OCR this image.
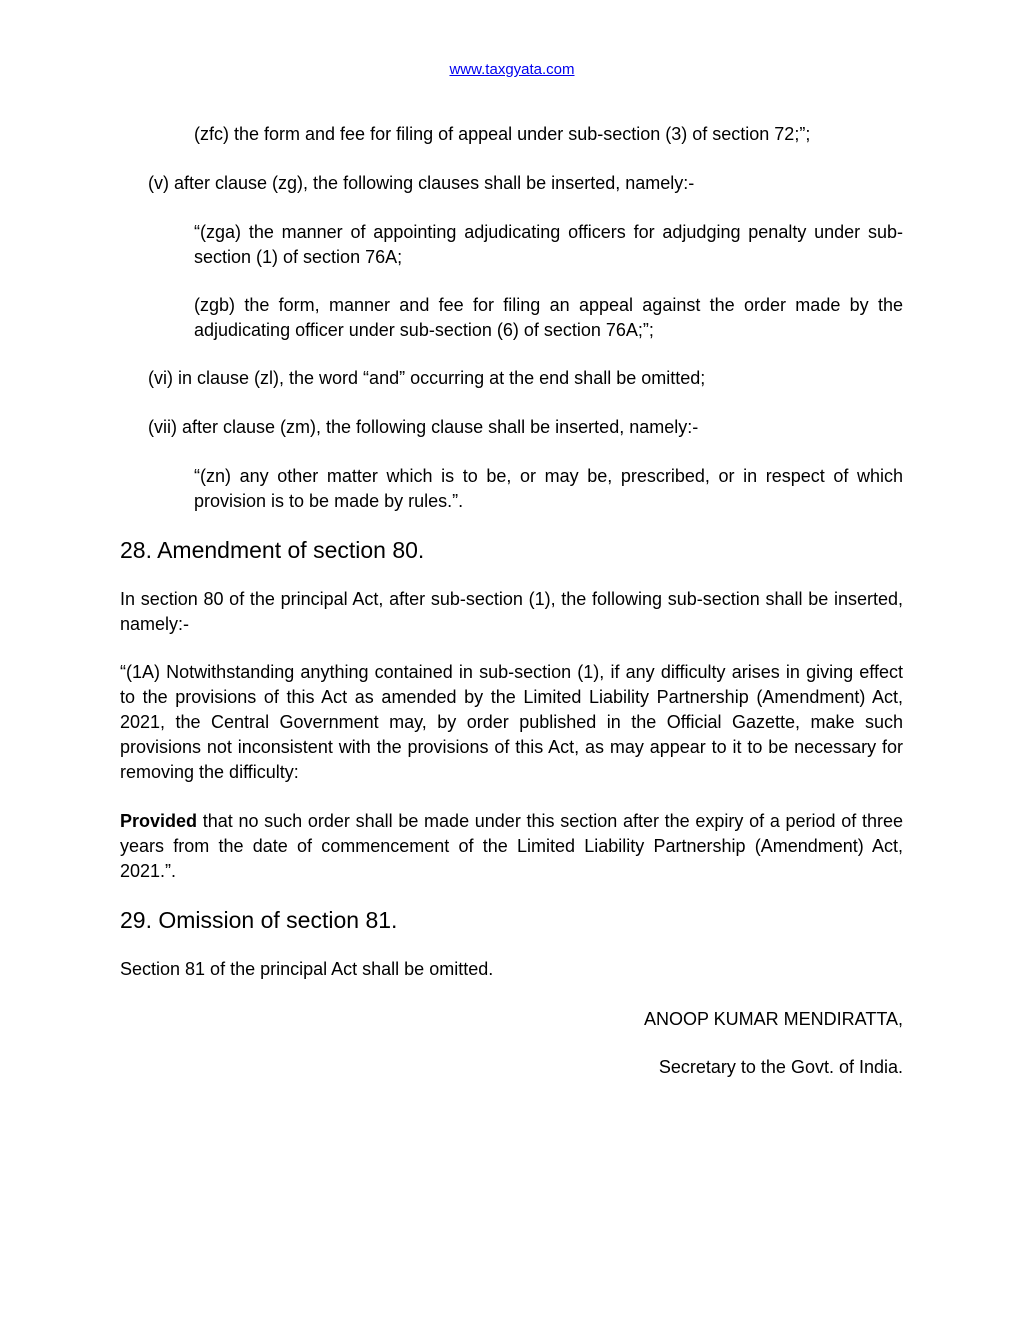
www.taxgyata.com

(zfc) the form and fee for filing of appeal under sub-section (3) of section 72;”;

(v) after clause (zg), the following clauses shall be inserted, namely:-

“(zga) the manner of appointing adjudicating officers for adjudging penalty under sub-section (1) of section 76A;

(zgb) the form, manner and fee for filing an appeal against the order made by the adjudicating officer under sub-section (6) of section 76A;”;

(vi) in clause (zl), the word “and” occurring at the end shall be omitted;

(vii) after clause (zm), the following clause shall be inserted, namely:-

“(zn) any other matter which is to be, or may be, prescribed, or in respect of which provision is to be made by rules.”.

28. Amendment of section 80.

In section 80 of the principal Act, after sub-section (1), the following sub-section shall be inserted, namely:-

“(1A) Notwithstanding anything contained in sub-section (1), if any difficulty arises in giving effect to the provisions of this Act as amended by the Limited Liability Partnership (Amendment) Act, 2021, the Central Government may, by order published in the Official Gazette, make such provisions not inconsistent with the provisions of this Act, as may appear to it to be necessary for removing the difficulty:

Provided that no such order shall be made under this section after the expiry of a period of three years from the date of commencement of the Limited Liability Partnership (Amendment) Act, 2021.”.

29. Omission of section 81.

Section 81 of the principal Act shall be omitted.

ANOOP KUMAR MENDIRATTA,

Secretary to the Govt. of India.
